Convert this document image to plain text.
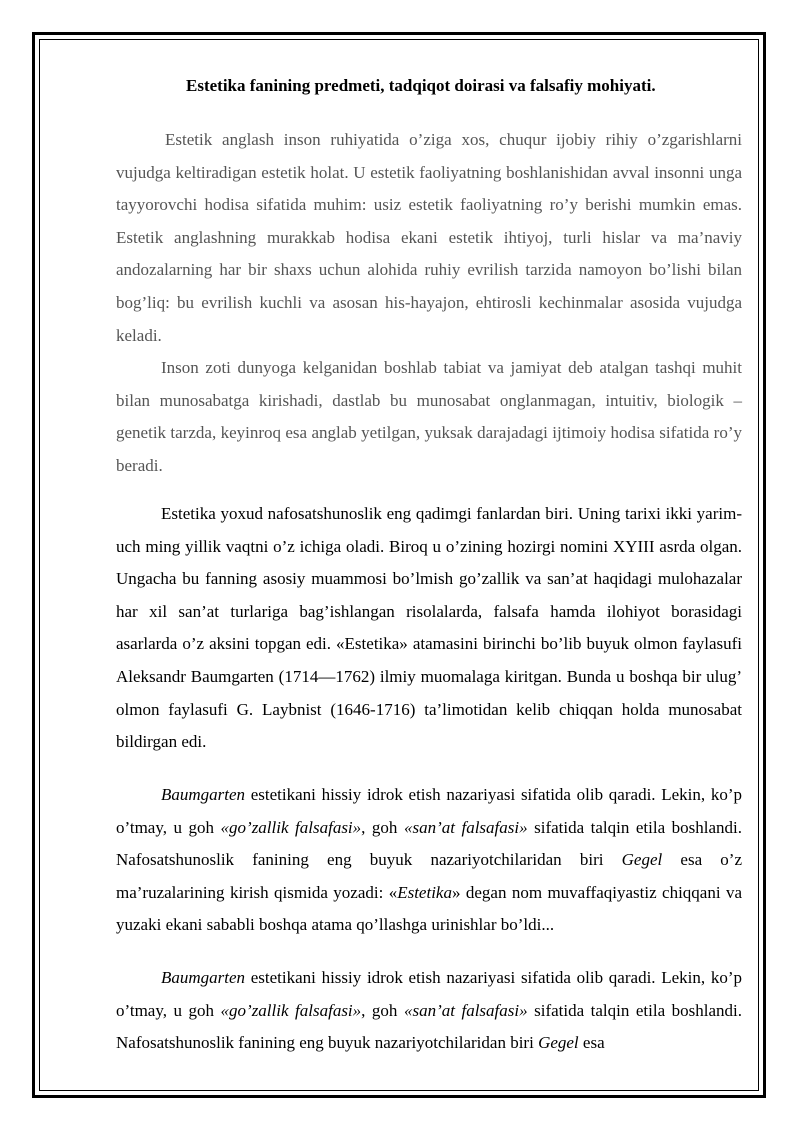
Estetika fanining predmeti, tadqiqot doirasi va falsafiy mohiyati.

Estetik anglash inson ruhiyatida o’ziga xos, chuqur ijobiy rihiy o’zgarishlarni vujudga keltiradigan estetik holat. U estetik faoliyatning boshlanishidan avval insonni unga tayyorovchi hodisa sifatida muhim: usiz estetik faoliyatning ro’y berishi mumkin emas. Estetik anglashning murakkab hodisa ekani estetik ihtiyoj, turli hislar va ma’naviy andozalarning har bir shaxs uchun alohida ruhiy evrilish tarzida namoyon bo’lishi bilan bog’liq: bu evrilish kuchli va asosan his-hayajon, ehtirosli kechinmalar asosida vujudga keladi.

Inson zoti dunyoga kelganidan boshlab tabiat va jamiyat deb atalgan tashqi muhit bilan munosabatga kirishadi, dastlab bu munosabat onglanmagan, intuitiv, biologik –genetik tarzda, keyinroq esa anglab yetilgan, yuksak darajadagi ijtimoiy hodisa sifatida ro’y beradi.

Estetika yoxud nafosatshunoslik eng qadimgi fanlardan biri. Uning tarixi ikki yarim-uch ming yillik vaqtni o’z ichiga oladi. Biroq u o’zining hozirgi nomini XYIII asrda olgan. Ungacha bu fanning asosiy muammosi bo’lmish go’zallik va san’at haqidagi mulohazalar har xil san’at turlariga bag’ishlangan risolalarda, falsafa hamda ilohiyot borasidagi asarlarda o’z aksini topgan edi. «Estetika» atamasini birinchi bo’lib buyuk olmon faylasufi Aleksandr Baumgarten (1714—1762) ilmiy muomalaga kiritgan. Bunda u boshqa bir ulug’ olmon faylasufi G. Laybnist (1646-1716) ta’limotidan kelib chiqqan holda munosabat bildirgan edi.

Baumgarten estetikani hissiy idrok etish nazariyasi sifatida olib qaradi. Lekin, ko’p o’tmay, u goh «go’zallik falsafasi», goh «san’at falsafasi» sifatida talqin etila boshlandi. Nafosatshunoslik fanining eng buyuk nazariyotchilaridan biri Gegel esa o’z ma’ruzalarining kirish qismida yozadi: «Estetika» degan nom muvaffaqiyastiz chiqqani va yuzaki ekani sababli boshqa atama qo’llashga urinishlar bo’ldi...

Baumgarten estetikani hissiy idrok etish nazariyasi sifatida olib qaradi. Lekin, ko’p o’tmay, u goh «go’zallik falsafasi», goh «san’at falsafasi» sifatida talqin etila boshlandi. Nafosatshunoslik fanining eng buyuk nazariyotchilaridan biri Gegel esa
